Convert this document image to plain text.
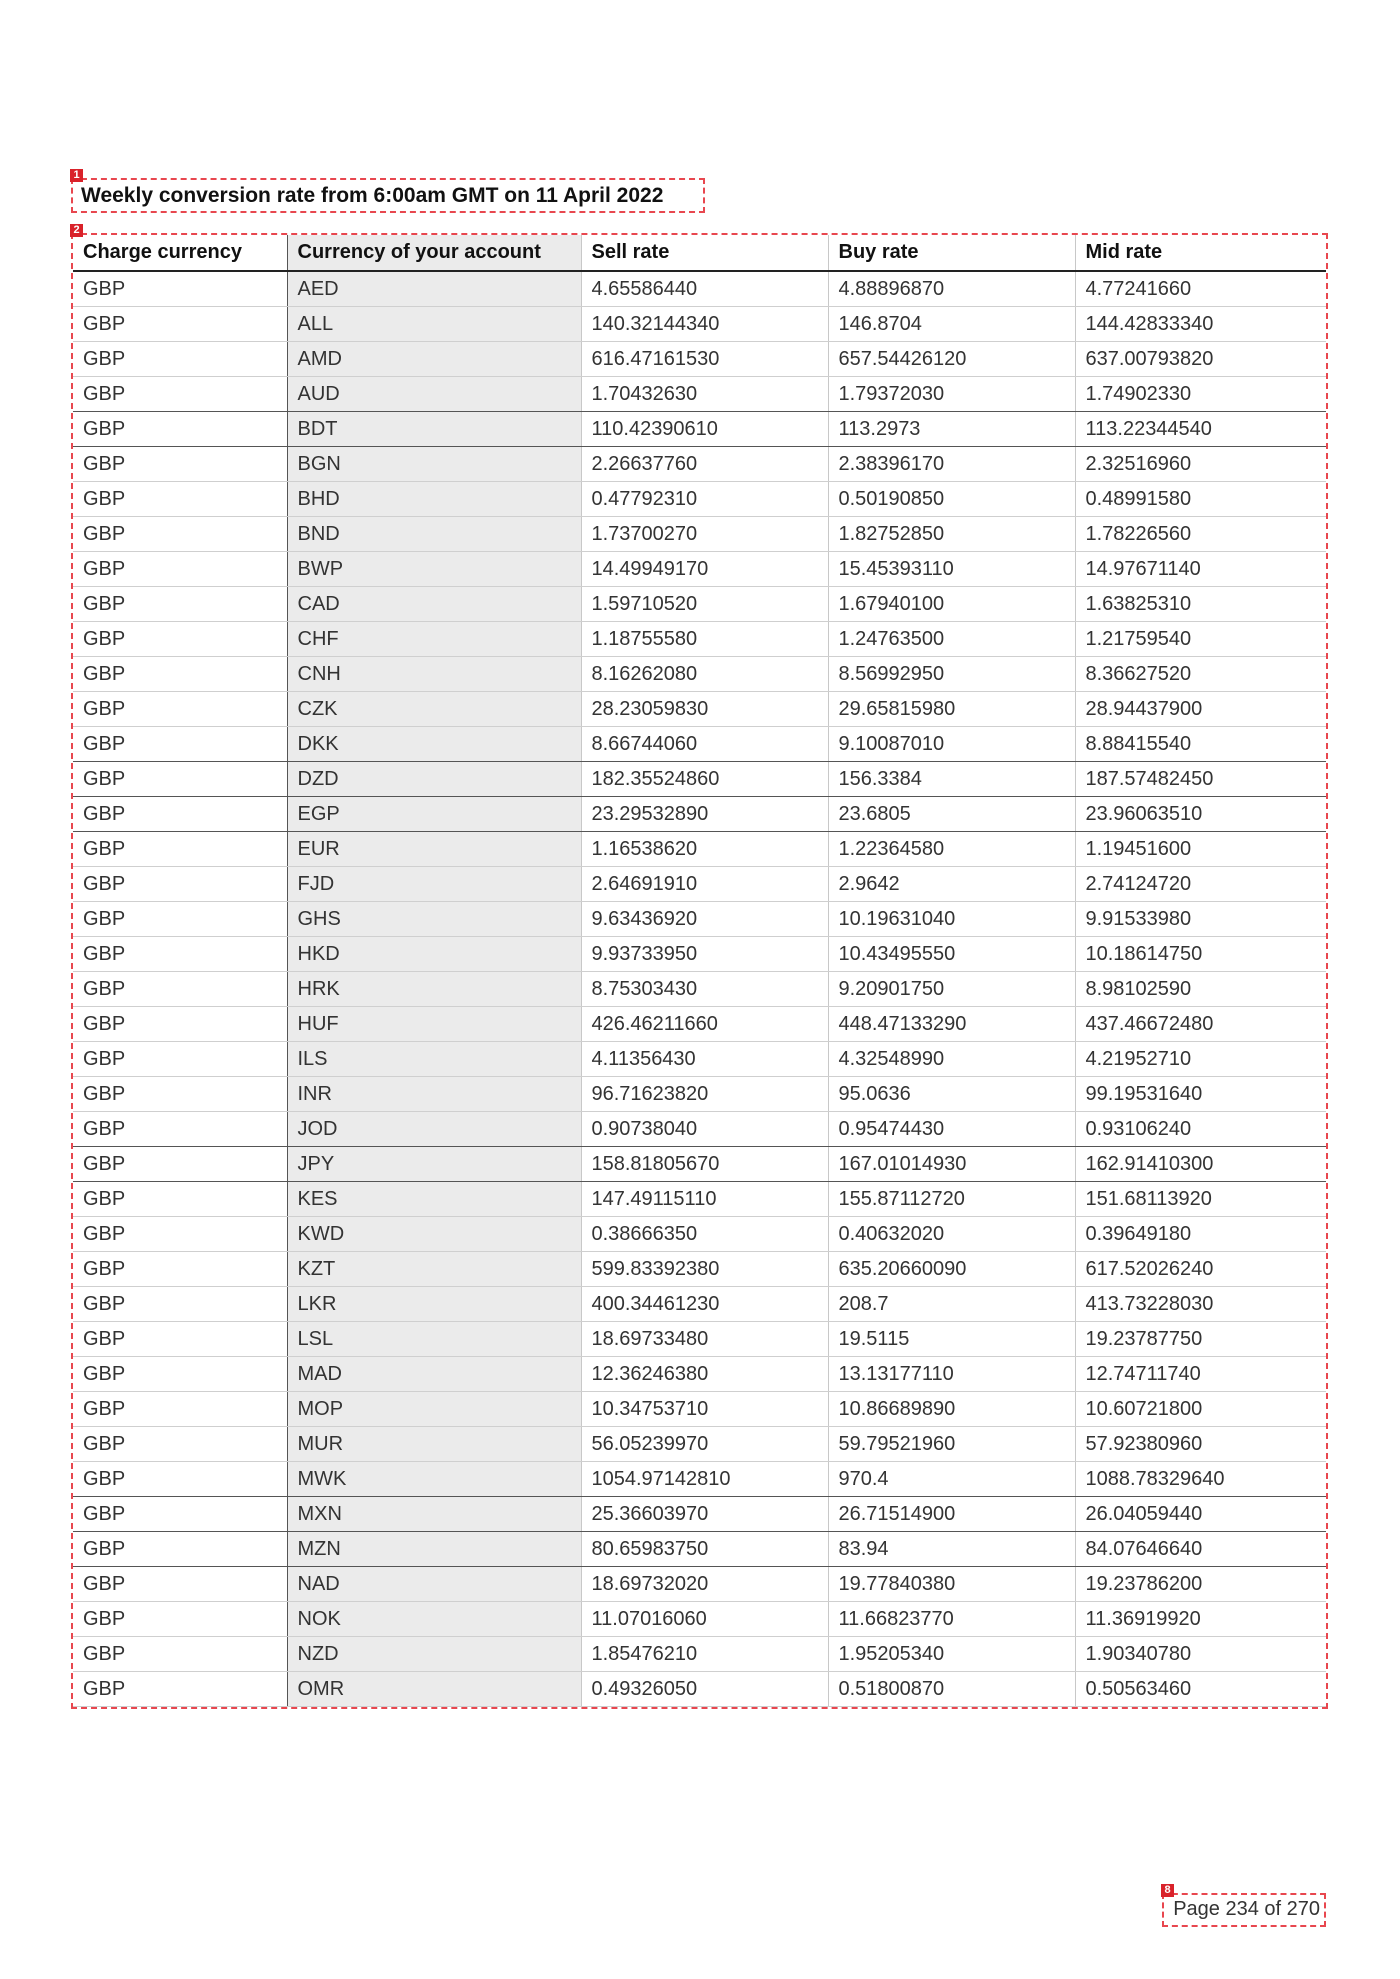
1
Weekly conversion rate from 6:00am GMT on 11 April 2022
2
Charge currency	Currency of your account	Sell rate	Buy rate	Mid rate
GBP	AED	4.65586440	4.88896870	4.77241660
GBP	ALL	140.32144340	146.8704	144.42833340
GBP	AMD	616.47161530	657.54426120	637.00793820
GBP	AUD	1.70432630	1.79372030	1.74902330
GBP	BDT	110.42390610	113.2973	113.22344540
GBP	BGN	2.26637760	2.38396170	2.32516960
GBP	BHD	0.47792310	0.50190850	0.48991580
GBP	BND	1.73700270	1.82752850	1.78226560
GBP	BWP	14.49949170	15.45393110	14.97671140
GBP	CAD	1.59710520	1.67940100	1.63825310
GBP	CHF	1.18755580	1.24763500	1.21759540
GBP	CNH	8.16262080	8.56992950	8.36627520
GBP	CZK	28.23059830	29.65815980	28.94437900
GBP	DKK	8.66744060	9.10087010	8.88415540
GBP	DZD	182.35524860	156.3384	187.57482450
GBP	EGP	23.29532890	23.6805	23.96063510
GBP	EUR	1.16538620	1.22364580	1.19451600
GBP	FJD	2.64691910	2.9642	2.74124720
GBP	GHS	9.63436920	10.19631040	9.91533980
GBP	HKD	9.93733950	10.43495550	10.18614750
GBP	HRK	8.75303430	9.20901750	8.98102590
GBP	HUF	426.46211660	448.47133290	437.46672480
GBP	ILS	4.11356430	4.32548990	4.21952710
GBP	INR	96.71623820	95.0636	99.19531640
GBP	JOD	0.90738040	0.95474430	0.93106240
GBP	JPY	158.81805670	167.01014930	162.91410300
GBP	KES	147.49115110	155.87112720	151.68113920
GBP	KWD	0.38666350	0.40632020	0.39649180
GBP	KZT	599.83392380	635.20660090	617.52026240
GBP	LKR	400.34461230	208.7	413.73228030
GBP	LSL	18.69733480	19.5115	19.23787750
GBP	MAD	12.36246380	13.13177110	12.74711740
GBP	MOP	10.34753710	10.86689890	10.60721800
GBP	MUR	56.05239970	59.79521960	57.92380960
GBP	MWK	1054.97142810	970.4	1088.78329640
GBP	MXN	25.36603970	26.71514900	26.04059440
GBP	MZN	80.65983750	83.94	84.07646640
GBP	NAD	18.69732020	19.77840380	19.23786200
GBP	NOK	11.07016060	11.66823770	11.36919920
GBP	NZD	1.85476210	1.95205340	1.90340780
GBP	OMR	0.49326050	0.51800870	0.50563460
8
Page 234 of 270
